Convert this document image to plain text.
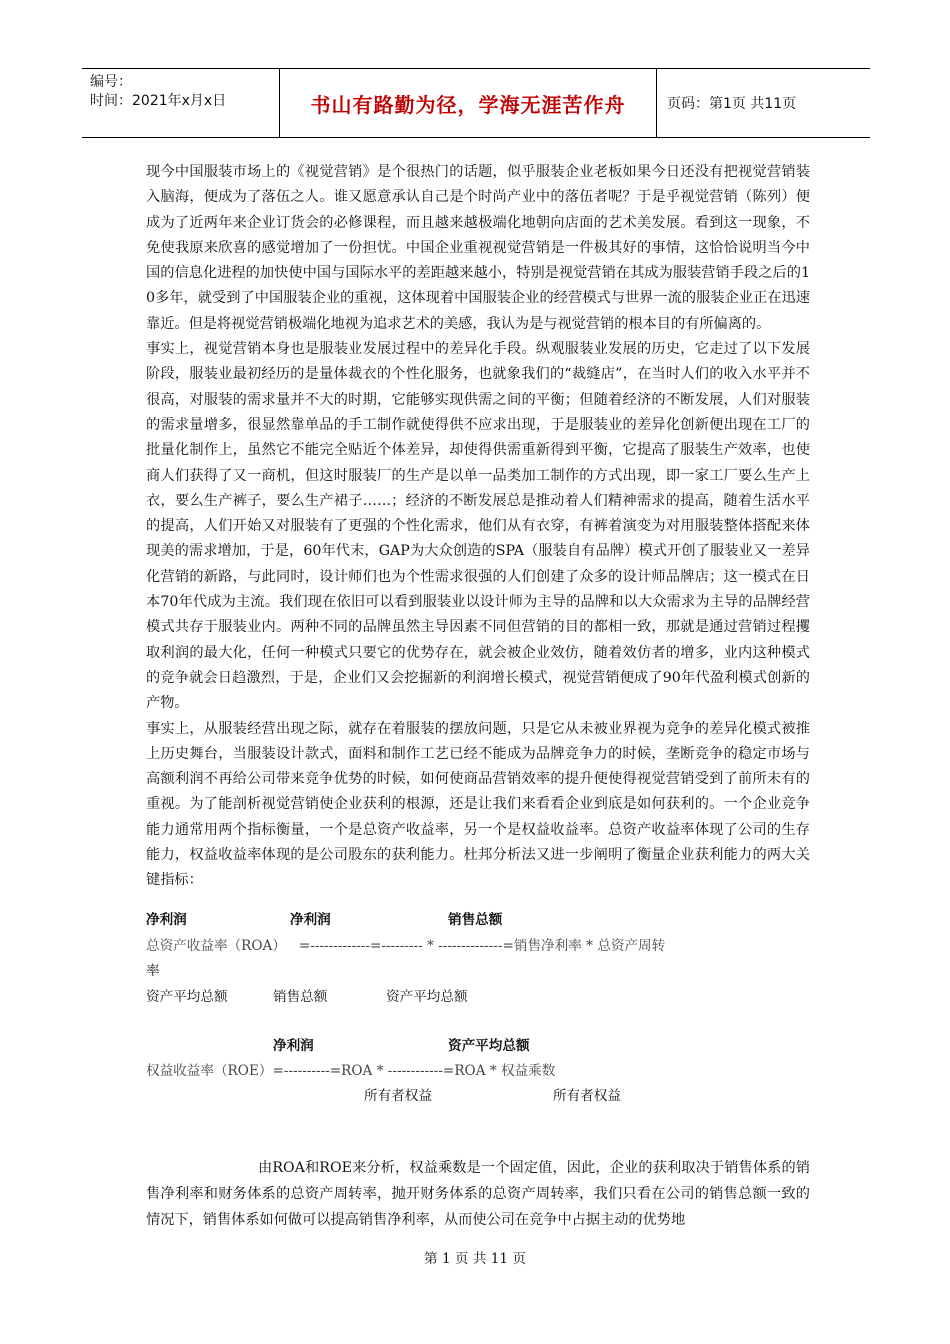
编号：
时间：2021年x月x日	书山有路勤为径，学海无涯苦作舟	页码：第1页 共11页

现今中国服装市场上的《视觉营销》是个很热门的话题，似乎服装企业老板如果今日还没有把视觉营销装入脑海，便成为了落伍之人。谁又愿意承认自己是个时尚产业中的落伍者呢？于是乎视觉营销（陈列）便成为了近两年来企业订货会的必修课程，而且越来越极端化地朝向店面的艺术美发展。看到这一现象，不免使我原来欣喜的感觉增加了一份担忧。中国企业重视视觉营销是一件极其好的事情，这恰恰说明当今中国的信息化进程的加快使中国与国际水平的差距越来越小，特别是视觉营销在其成为服装营销手段之后的10多年，就受到了中国服装企业的重视，这体现着中国服装企业的经营模式与世界一流的服装企业正在迅速靠近。但是将视觉营销极端化地视为追求艺术的美感，我认为是与视觉营销的根本目的有所偏离的。

事实上，视觉营销本身也是服装业发展过程中的差异化手段。纵观服装业发展的历史，它走过了以下发展阶段，服装业最初经历的是量体裁衣的个性化服务，也就象我们的“裁缝店”，在当时人们的收入水平并不很高，对服装的需求量并不大的时期，它能够实现供需之间的平衡；但随着经济的不断发展，人们对服装的需求量增多，很显然靠单品的手工制作就使得供不应求出现，于是服装业的差异化创新便出现在工厂的批量化制作上，虽然它不能完全贴近个体差异，却使得供需重新得到平衡，它提高了服装生产效率，也使商人们获得了又一商机，但这时服装厂的生产是以单一品类加工制作的方式出现，即一家工厂要么生产上衣，要么生产裤子，要么生产裙子……；经济的不断发展总是推动着人们精神需求的提高，随着生活水平的提高，人们开始又对服装有了更强的个性化需求，他们从有衣穿，有裤着演变为对用服装整体搭配来体现美的需求增加，于是，60年代末，GAP为大众创造的SPA（服装自有品牌）模式开创了服装业又一差异化营销的新路，与此同时，设计师们也为个性需求很强的人们创建了众多的设计师品牌店；这一模式在日本70年代成为主流。我们现在依旧可以看到服装业以设计师为主导的品牌和以大众需求为主导的品牌经营模式共存于服装业内。两种不同的品牌虽然主导因素不同但营销的目的都相一致，那就是通过营销过程攫取利润的最大化，任何一种模式只要它的优势存在，就会被企业效仿，随着效仿者的增多，业内这种模式的竞争就会日趋激烈，于是，企业们又会挖掘新的利润增长模式，视觉营销便成了90年代盈利模式创新的产物。

事实上，从服装经营出现之际，就存在着服装的摆放问题，只是它从未被业界视为竞争的差异化模式被推上历史舞台，当服装设计款式，面料和制作工艺已经不能成为品牌竞争力的时候，垄断竞争的稳定市场与高额利润不再给公司带来竞争优势的时候，如何使商品营销效率的提升便使得视觉营销受到了前所未有的重视。为了能剖析视觉营销使企业获利的根源，还是让我们来看看企业到底是如何获利的。一个企业竞争能力通常用两个指标衡量，一个是总资产收益率，另一个是权益收益率。总资产收益率体现了公司的生存能力，权益收益率体现的是公司股东的获利能力。杜邦分析法又进一步阐明了衡量企业获利能力的两大关键指标：

净利润	净利润	销售总额
总资产收益率（ROA）   =-------------=--------- * --------------=销售净利率 * 总资产周转
率
资产平均总额	销售总额	资产平均总额
净利润	资产平均总额
权益收益率（ROE）=----------=ROA * ------------=ROA * 权益乘数
所有者权益	所有者权益

由ROA和ROE来分析，权益乘数是一个固定值，因此，企业的获利取决于销售体系的销售净利率和财务体系的总资产周转率，抛开财务体系的总资产周转率，我们只看在公司的销售总额一致的情况下，销售体系如何做可以提高销售净利率，从而使公司在竞争中占据主动的优势地

第 1 页 共 11 页
